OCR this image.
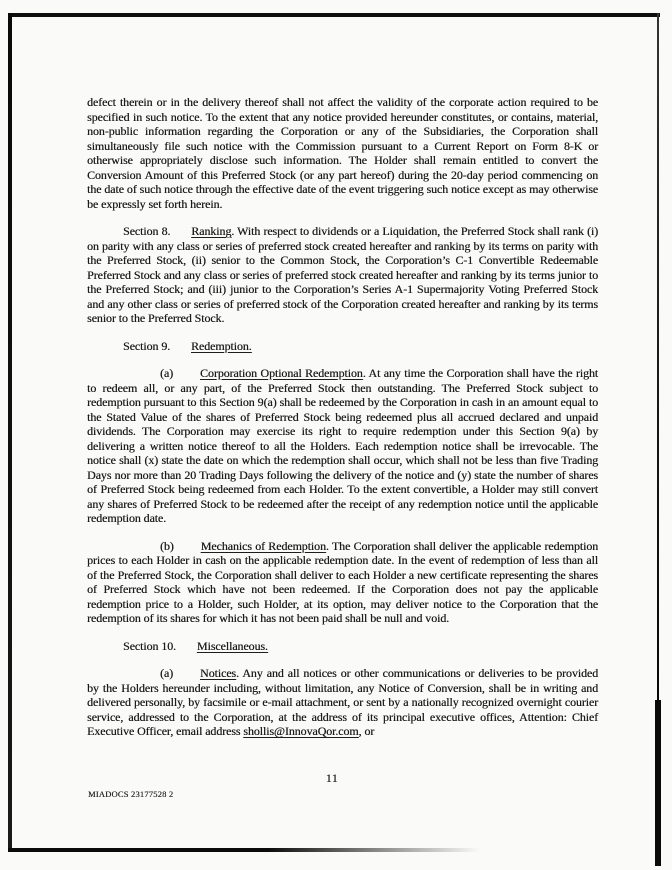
defect therein or in the delivery thereof shall not affect the validity of the corporate action required to be specified in such notice. To the extent that any notice provided hereunder constitutes, or contains, material, non-public information regarding the Corporation or any of the Subsidiaries, the Corporation shall simultaneously file such notice with the Commission pursuant to a Current Report on Form 8-K or otherwise appropriately disclose such information. The Holder shall remain entitled to convert the Conversion Amount of this Preferred Stock (or any part hereof) during the 20-day period commencing on the date of such notice through the effective date of the event triggering such notice except as may otherwise be expressly set forth herein.

Section 8. Ranking. With respect to dividends or a Liquidation, the Preferred Stock shall rank (i) on parity with any class or series of preferred stock created hereafter and ranking by its terms on parity with the Preferred Stock, (ii) senior to the Common Stock, the Corporation’s C-1 Convertible Redeemable Preferred Stock and any class or series of preferred stock created hereafter and ranking by its terms junior to the Preferred Stock; and (iii) junior to the Corporation’s Series A-1 Supermajority Voting Preferred Stock and any other class or series of preferred stock of the Corporation created hereafter and ranking by its terms senior to the Preferred Stock.

Section 9. Redemption.

(a) Corporation Optional Redemption. At any time the Corporation shall have the right to redeem all, or any part, of the Preferred Stock then outstanding. The Preferred Stock subject to redemption pursuant to this Section 9(a) shall be redeemed by the Corporation in cash in an amount equal to the Stated Value of the shares of Preferred Stock being redeemed plus all accrued declared and unpaid dividends. The Corporation may exercise its right to require redemption under this Section 9(a) by delivering a written notice thereof to all the Holders. Each redemption notice shall be irrevocable. The notice shall (x) state the date on which the redemption shall occur, which shall not be less than five Trading Days nor more than 20 Trading Days following the delivery of the notice and (y) state the number of shares of Preferred Stock being redeemed from each Holder. To the extent convertible, a Holder may still convert any shares of Preferred Stock to be redeemed after the receipt of any redemption notice until the applicable redemption date.

(b) Mechanics of Redemption. The Corporation shall deliver the applicable redemption prices to each Holder in cash on the applicable redemption date. In the event of redemption of less than all of the Preferred Stock, the Corporation shall deliver to each Holder a new certificate representing the shares of Preferred Stock which have not been redeemed. If the Corporation does not pay the applicable redemption price to a Holder, such Holder, at its option, may deliver notice to the Corporation that the redemption of its shares for which it has not been paid shall be null and void.

Section 10. Miscellaneous.

(a) Notices. Any and all notices or other communications or deliveries to be provided by the Holders hereunder including, without limitation, any Notice of Conversion, shall be in writing and delivered personally, by facsimile or e-mail attachment, or sent by a nationally recognized overnight courier service, addressed to the Corporation, at the address of its principal executive offices, Attention: Chief Executive Officer, email address shollis@InnovaQor.com, or

11
MIADOCS 23177528 2
